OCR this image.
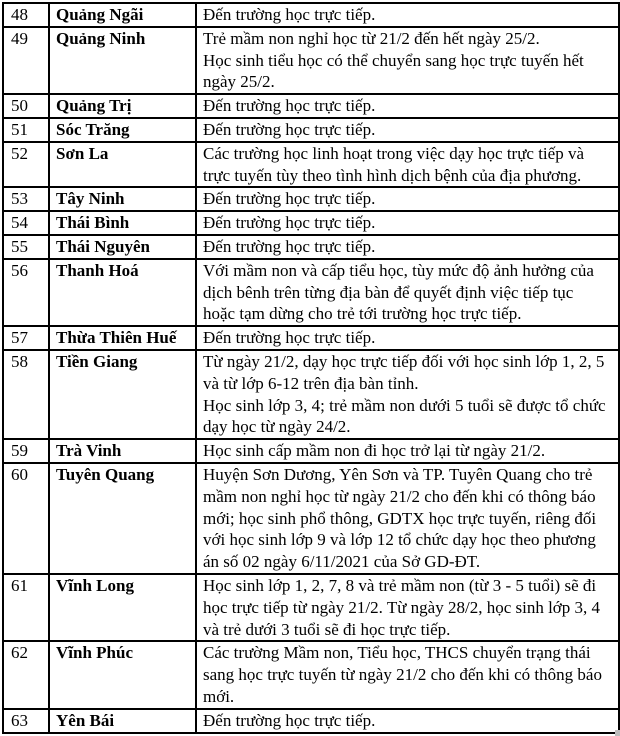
48	Quảng Ngãi	Đến trường học trực tiếp.

49	Quảng Ninh	Trẻ mầm non nghỉ học từ 21/2 đến hết ngày 25/2.
Học sinh tiểu học có thể chuyển sang học trực tuyến hết
ngày 25/2.

50	Quảng Trị	Đến trường học trực tiếp.

51	Sóc Trăng	Đến trường học trực tiếp.

52	Sơn La	Các trường học linh hoạt trong việc dạy học trực tiếp và
trực tuyến tùy theo tình hình dịch bệnh của địa phương.

53	Tây Ninh	Đến trường học trực tiếp.

54	Thái Bình	Đến trường học trực tiếp.

55	Thái Nguyên	Đến trường học trực tiếp.

56	Thanh Hoá	Với mầm non và cấp tiểu học, tùy mức độ ảnh hưởng của
dịch bênh trên từng địa bàn để quyết định việc tiếp tục
hoặc tạm dừng cho trẻ tới trường học trực tiếp.

57	Thừa Thiên Huế	Đến trường học trực tiếp.

58	Tiền Giang	Từ ngày 21/2, dạy học trực tiếp đối với học sinh lớp 1, 2, 5
và từ lớp 6-12 trên địa bàn tỉnh.
Học sinh lớp 3, 4; trẻ mầm non dưới 5 tuổi sẽ được tổ chức
dạy học từ ngày 24/2.

59	Trà Vinh	Học sinh cấp mầm non đi học trở lại từ ngày 21/2.

60	Tuyên Quang	Huyện Sơn Dương, Yên Sơn và TP. Tuyên Quang cho trẻ
mầm non nghỉ học từ ngày 21/2 cho đến khi có thông báo
mới; học sinh phổ thông, GDTX học trực tuyến, riêng đối
với học sinh lớp 9 và lớp 12 tổ chức dạy học theo phương
án số 02 ngày 6/11/2021 của Sở GD-ĐT.

61	Vĩnh Long	Học sinh lớp 1, 2, 7, 8 và trẻ mầm non (từ 3 - 5 tuổi) sẽ đi
học trực tiếp từ ngày 21/2. Từ ngày 28/2, học sinh lớp 3, 4
và trẻ dưới 3 tuổi sẽ đi học trực tiếp.

62	Vĩnh Phúc	Các trường Mầm non, Tiểu học, THCS chuyển trạng thái
sang học trực tuyến từ ngày 21/2 cho đến khi có thông báo
mới.

63	Yên Bái	Đến trường học trực tiếp.
